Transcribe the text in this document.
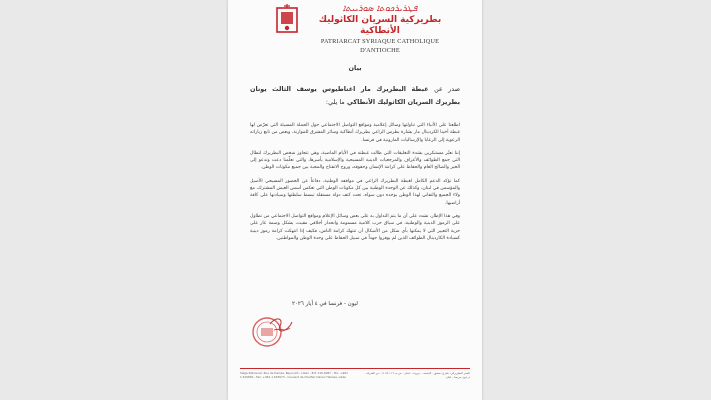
ܦܛܪܝܪܟܘܬܐ ܣܘܪܝܝܬܐ
بطريركية السريان الكاثوليك الأنطاكية
PATRIARCAT SYRIAQUE CATHOLIQUE D'ANTIOCHE
بيان
صدر عن غبطة البطريرك مار اغناطيوس يوسف الثالث يونان بطريرك السريان الكاثوليك الأنطاكي ما يلي:

اطلعنا على الأنباء التي تناولتها وسائل إعلامية ومواقع التواصل الاجتماعي حول الحملة المسيئة التي تعرّض لها غبطة أخينا الكردينال مار بشارة بطرس الراعي بطريرك أنطاكية وسائر المشرق للموارنة، وبعض من تابع زياراته الرعوية إلى الرعايا والإرساليات المارونية في فرنسا.

إننا نعبّر مستنكرين بشدة التعليقات التي طالت غبطته في الأيام الماضية، وهي تتجاوز شخص البطريرك لتطال التي جمع الطوائف والأعراف والمرجعيات الدينية المسيحية والإسلامية بأسرها، والتي تعلّمنا دعت وتدعو إلى الخير والصالح العام والحفاظ على كرامة الإنسان وحقوقه، وروح الانفتاح والمحبة بين جميع مكونات الوطن.

كما نؤكد الدعم الكامل لغبطة البطريرك الراعي في مواقفه الوطنية، دفاعاً عن الحضور المسيحي الأصيل والمؤسس في لبنان، وكذلك عن الوحدة الوطنية بين كل مكونات الوطن التي تعكس أسس العيش المشترك، مع ولاء الجميع والتفاني لهذا الوطن بوحده دون سواه، تحت كنف دولة مستقلة تبسط سلطتها وسيادتها على كافة أراضيها.

وفي هذا الإطار، نشدد على أن ما يتم التداول به على بعض وسائل الإعلام ومواقع التواصل الاجتماعي من تطاول على الرموز الدينية والوطنية، في سياق حرب كلامية مسمومة وانحدار أخلاقي مقيت، يشكل وصمة عار على حرية التعبير التي لا يمكنها بأي شكل من الأشكال أن تنتهك كرامة الناس، فكيف إذا انتهكت كرامة رموز دينية كسيادة الكاردينال الطوائف الذين لم يوفروا جهداً في سبيل الحفاظ على وحدة الوطن والمواطنين.

ليون - فرنسا في ٤ أيار ٢٠٢٦
Siège Patriarcal: Rue de Damas, Beyrouth - Liban - B.P. 116-5087 - Tél.: +961 1 615892 - Fax: +961 1 616573 - Couvent de Charfet, Darwn Harissa, Liban
المقر البطريركي: شارع دمشق - المتحف - بيروت - لبنان - ص.ب ١١٦-٥٠٨٧ - دير الشرفة - درعون حريصا - لبنان
